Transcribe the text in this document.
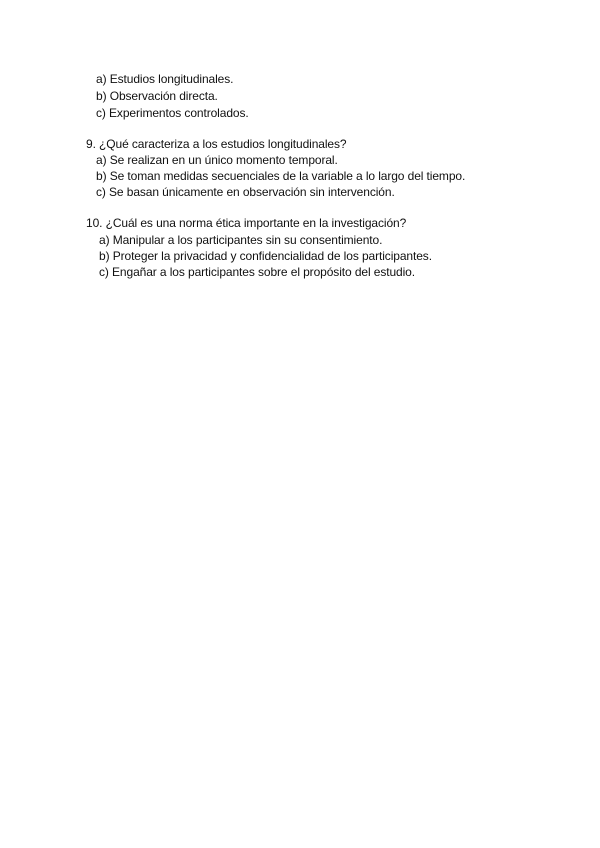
a) Estudios longitudinales.
b) Observación directa.
c) Experimentos controlados.
9. ¿Qué caracteriza a los estudios longitudinales?
a) Se realizan en un único momento temporal.
b) Se toman medidas secuenciales de la variable a lo largo del tiempo.
c) Se basan únicamente en observación sin intervención.
10. ¿Cuál es una norma ética importante en la investigación?
a) Manipular a los participantes sin su consentimiento.
b) Proteger la privacidad y confidencialidad de los participantes.
c) Engañar a los participantes sobre el propósito del estudio.
